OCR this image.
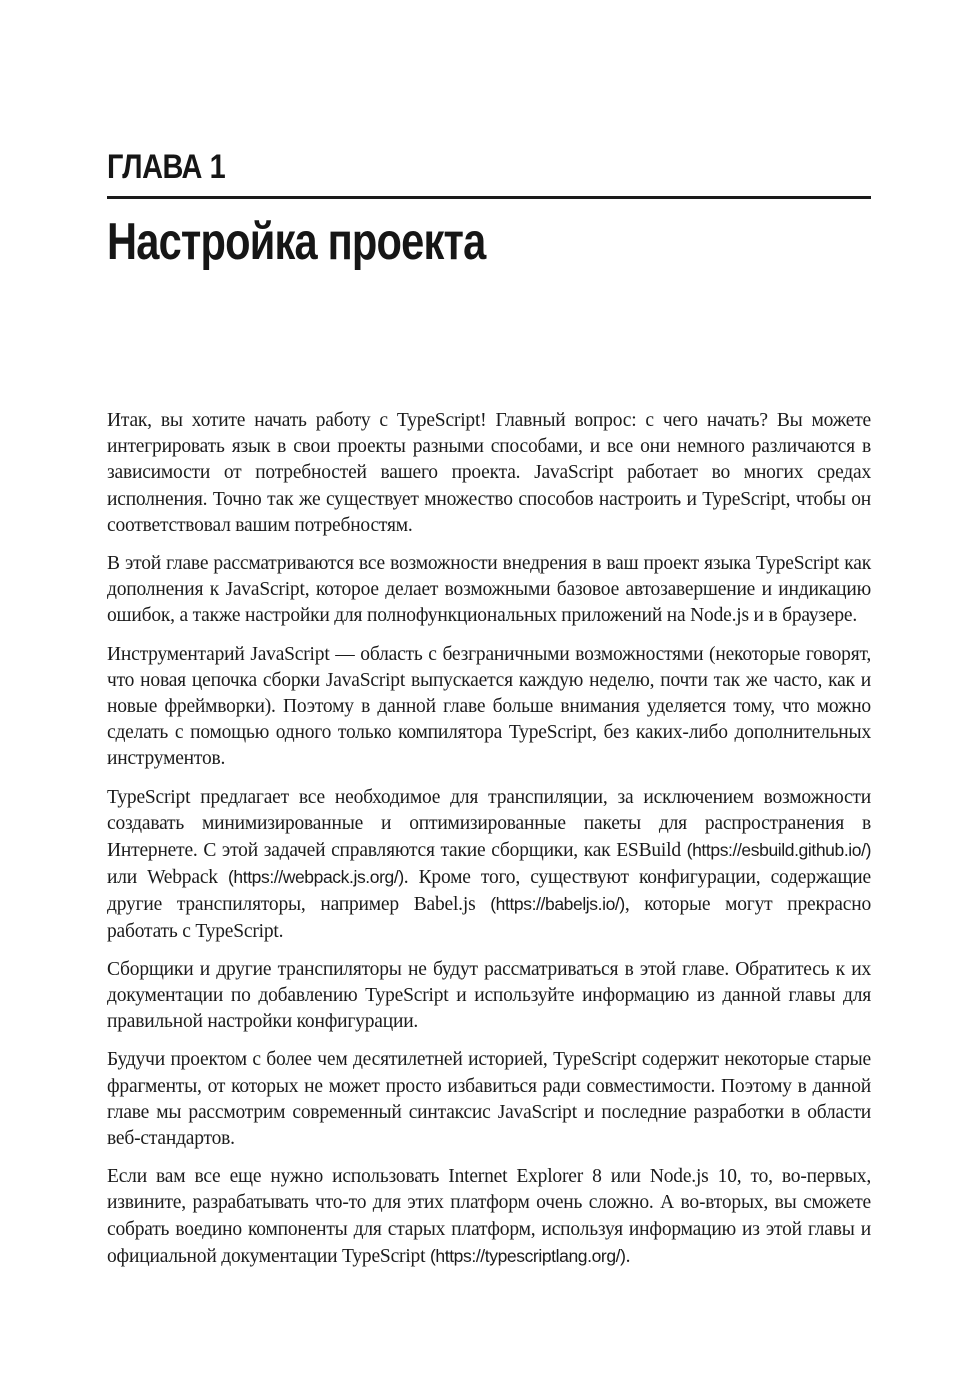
ГЛАВА 1
Настройка проекта

Итак, вы хотите начать работу с TypeScript! Главный вопрос: с чего начать? Вы можете интегрировать язык в свои проекты разными способами, и все они немного различаются в зависимости от потребностей вашего проекта. JavaScript работает во многих средах исполнения. Точно так же существует множество способов настроить и TypeScript, чтобы он соответствовал вашим потребностям.

В этой главе рассматриваются все возможности внедрения в ваш проект языка TypeScript как дополнения к JavaScript, которое делает возможными базовое автозавершение и индикацию ошибок, а также настройки для полнофункциональных приложений на Node.js и в браузере.

Инструментарий JavaScript — область с безграничными возможностями (некоторые говорят, что новая цепочка сборки JavaScript выпускается каждую неделю, почти так же часто, как и новые фреймворки). Поэтому в данной главе больше внимания уделяется тому, что можно сделать с помощью одного только компилятора TypeScript, без каких-либо дополнительных инструментов.

TypeScript предлагает все необходимое для транспиляции, за исключением возможности создавать минимизированные и оптимизированные пакеты для распространения в Интернете. С этой задачей справляются такие сборщики, как ESBuild (https://esbuild.github.io/) или Webpack (https://webpack.js.org/). Кроме того, существуют конфигурации, содержащие другие транспиляторы, например Babel.js (https://babeljs.io/), которые могут прекрасно работать с TypeScript.

Сборщики и другие транспиляторы не будут рассматриваться в этой главе. Обратитесь к их документации по добавлению TypeScript и используйте информацию из данной главы для правильной настройки конфигурации.

Будучи проектом с более чем десятилетней историей, TypeScript содержит некоторые старые фрагменты, от которых не может просто избавиться ради совместимости. Поэтому в данной главе мы рассмотрим современный синтаксис JavaScript и последние разработки в области веб-стандартов.

Если вам все еще нужно использовать Internet Explorer 8 или Node.js 10, то, во-первых, извините, разрабатывать что-то для этих платформ очень сложно. А во-вторых, вы сможете собрать воедино компоненты для старых платформ, используя информацию из этой главы и официальной документации TypeScript (https://typescriptlang.org/).
